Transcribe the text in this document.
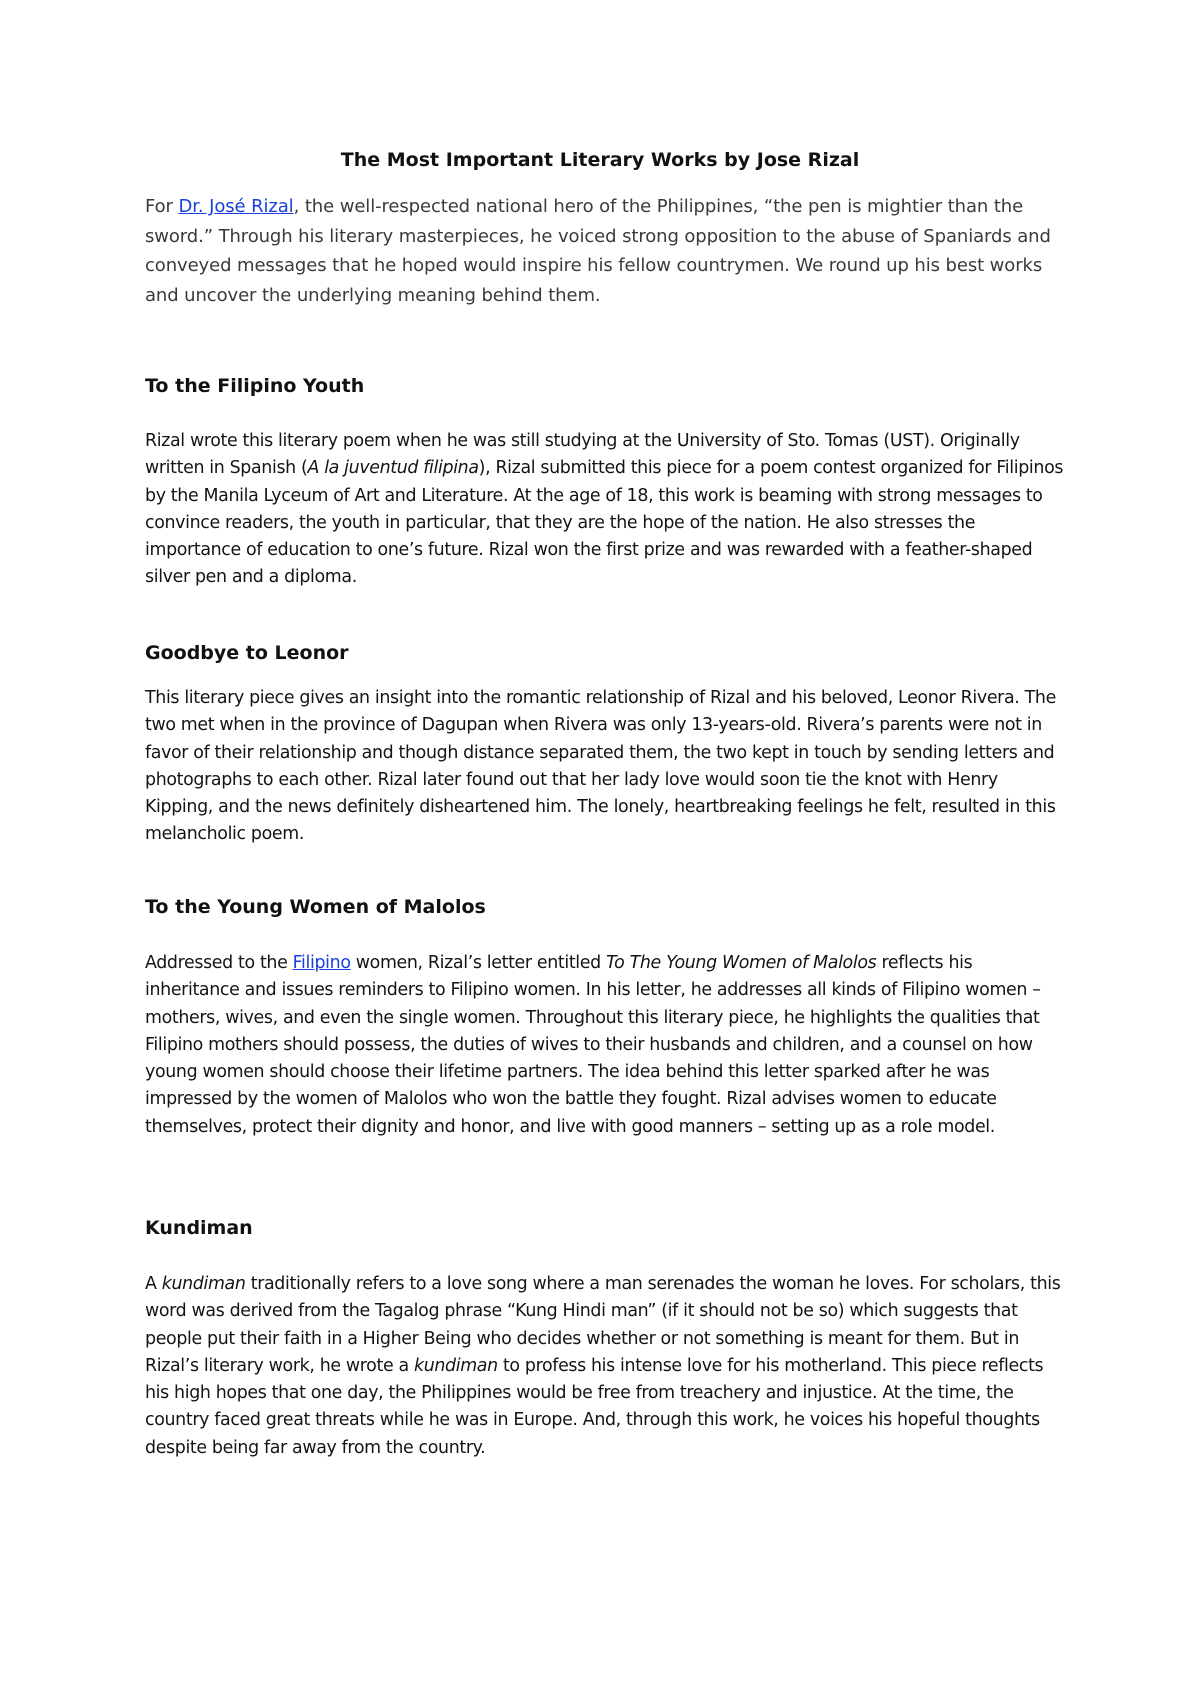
The Most Important Literary Works by Jose Rizal

For Dr. José Rizal, the well-respected national hero of the Philippines, “the pen is mightier than the sword.” Through his literary masterpieces, he voiced strong opposition to the abuse of Spaniards and conveyed messages that he hoped would inspire his fellow countrymen. We round up his best works and uncover the underlying meaning behind them.

To the Filipino Youth

Rizal wrote this literary poem when he was still studying at the University of Sto. Tomas (UST). Originally written in Spanish (A la juventud filipina), Rizal submitted this piece for a poem contest organized for Filipinos by the Manila Lyceum of Art and Literature. At the age of 18, this work is beaming with strong messages to convince readers, the youth in particular, that they are the hope of the nation. He also stresses the importance of education to one’s future. Rizal won the first prize and was rewarded with a feather-shaped silver pen and a diploma.

Goodbye to Leonor

This literary piece gives an insight into the romantic relationship of Rizal and his beloved, Leonor Rivera. The two met when in the province of Dagupan when Rivera was only 13-years-old. Rivera’s parents were not in favor of their relationship and though distance separated them, the two kept in touch by sending letters and photographs to each other. Rizal later found out that her lady love would soon tie the knot with Henry Kipping, and the news definitely disheartened him. The lonely, heartbreaking feelings he felt, resulted in this melancholic poem.

To the Young Women of Malolos

Addressed to the Filipino women, Rizal’s letter entitled To The Young Women of Malolos reflects his inheritance and issues reminders to Filipino women. In his letter, he addresses all kinds of Filipino women – mothers, wives, and even the single women. Throughout this literary piece, he highlights the qualities that Filipino mothers should possess, the duties of wives to their husbands and children, and a counsel on how young women should choose their lifetime partners. The idea behind this letter sparked after he was impressed by the women of Malolos who won the battle they fought. Rizal advises women to educate themselves, protect their dignity and honor, and live with good manners – setting up as a role model.

Kundiman

A kundiman traditionally refers to a love song where a man serenades the woman he loves. For scholars, this word was derived from the Tagalog phrase “Kung Hindi man” (if it should not be so) which suggests that people put their faith in a Higher Being who decides whether or not something is meant for them. But in Rizal’s literary work, he wrote a kundiman to profess his intense love for his motherland. This piece reflects his high hopes that one day, the Philippines would be free from treachery and injustice. At the time, the country faced great threats while he was in Europe. And, through this work, he voices his hopeful thoughts despite being far away from the country.
